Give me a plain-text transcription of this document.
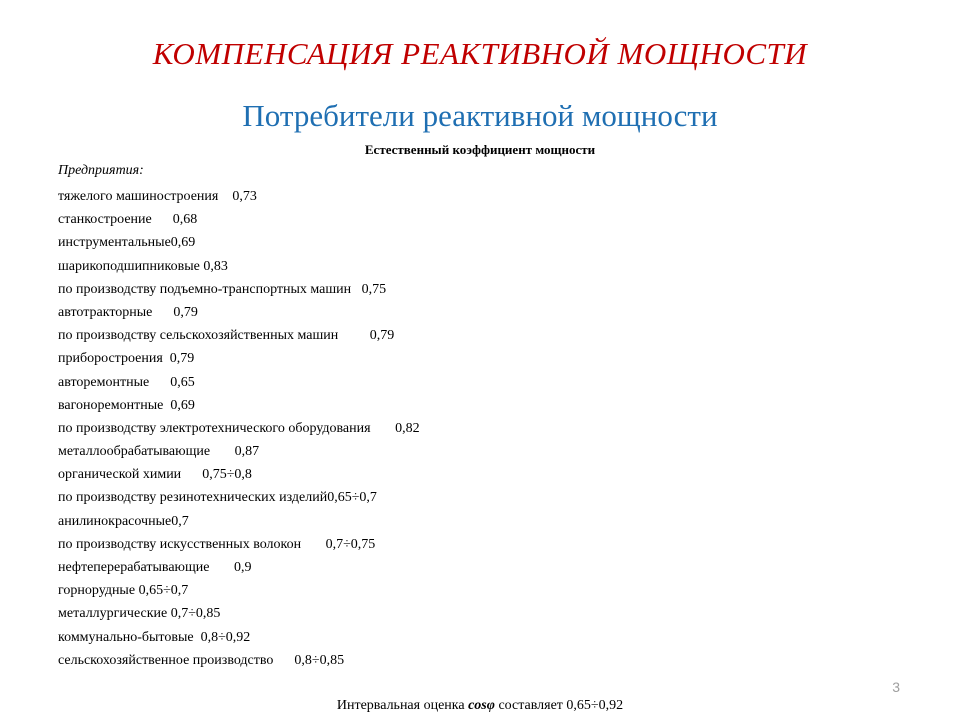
КОМПЕНСАЦИЯ РЕАКТИВНОЙ МОЩНОСТИ
Потребители реактивной мощности
Естественный коэффициент мощности
Предприятия:
тяжелого машиностроения    0,73
станкостроение      0,68
инструментальные0,69
шарикоподшипниковые 0,83
по производству подъемно-транспортных машин   0,75
автотракторные      0,79
по производству сельскохозяйственных машин         0,79
приборостроения  0,79
авторемонтные      0,65
вагоноремонтные  0,69
по производству электротехнического оборудования       0,82
металлообрабатывающие       0,87
органической химии      0,75÷0,8
по производству резинотехнических изделий0,65÷0,7
анилинокрасочные0,7
по производству искусственных волокон       0,7÷0,75
нефтеперерабатывающие       0,9
горнорудные 0,65÷0,7
металлургические 0,7÷0,85
коммунально-бытовые  0,8÷0,92
сельскохозяйственное производство      0,8÷0,85
3
Интервальная оценка cosφ составляет 0,65÷0,92
